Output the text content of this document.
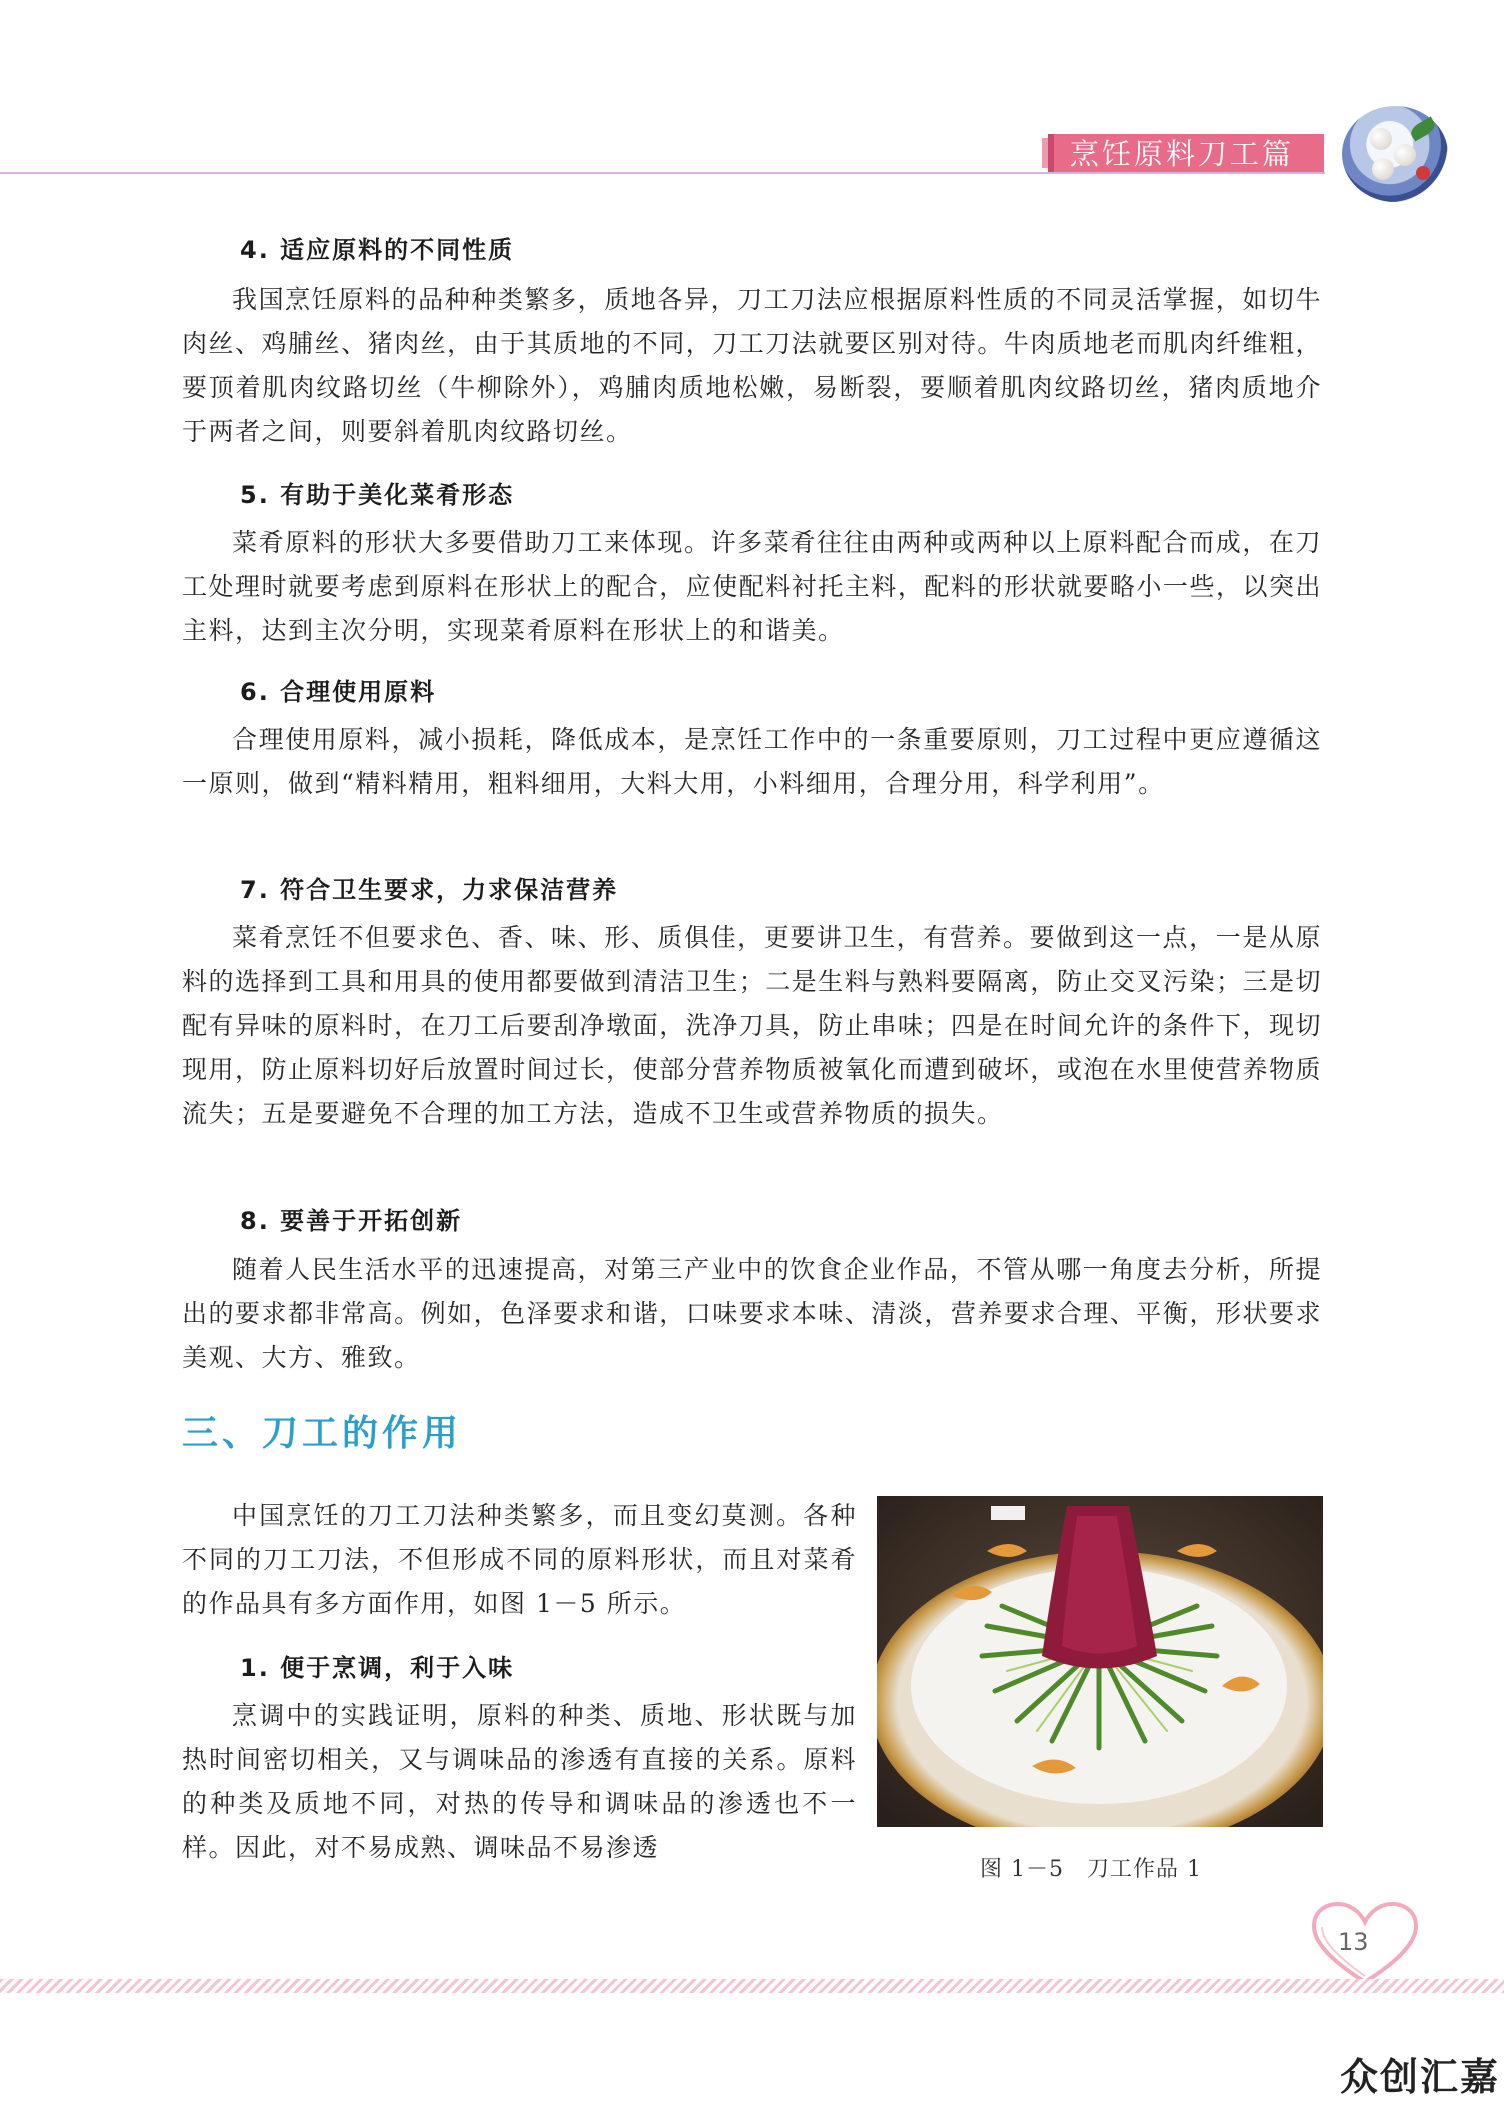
烹饪原料刀工篇
4. 适应原料的不同性质
我国烹饪原料的品种种类繁多，质地各异，刀工刀法应根据原料性质的不同灵活掌握，如切牛肉丝、鸡脯丝、猪肉丝，由于其质地的不同，刀工刀法就要区别对待。牛肉质地老而肌肉纤维粗，要顶着肌肉纹路切丝（牛柳除外），鸡脯肉质地松嫩，易断裂，要顺着肌肉纹路切丝，猪肉质地介于两者之间，则要斜着肌肉纹路切丝。
5. 有助于美化菜肴形态
菜肴原料的形状大多要借助刀工来体现。许多菜肴往往由两种或两种以上原料配合而成，在刀工处理时就要考虑到原料在形状上的配合，应使配料衬托主料，配料的形状就要略小一些，以突出主料，达到主次分明，实现菜肴原料在形状上的和谐美。
6. 合理使用原料
合理使用原料，减小损耗，降低成本，是烹饪工作中的一条重要原则，刀工过程中更应遵循这一原则，做到“精料精用，粗料细用，大料大用，小料细用，合理分用，科学利用”。
7. 符合卫生要求，力求保洁营养
菜肴烹饪不但要求色、香、味、形、质俱佳，更要讲卫生，有营养。要做到这一点，一是从原料的选择到工具和用具的使用都要做到清洁卫生；二是生料与熟料要隔离，防止交叉污染；三是切配有异味的原料时，在刀工后要刮净墩面，洗净刀具，防止串味；四是在时间允许的条件下，现切现用，防止原料切好后放置时间过长，使部分营养物质被氧化而遭到破坏，或泡在水里使营养物质流失；五是要避免不合理的加工方法，造成不卫生或营养物质的损失。
8. 要善于开拓创新
随着人民生活水平的迅速提高，对第三产业中的饮食企业作品，不管从哪一角度去分析，所提出的要求都非常高。例如，色泽要求和谐，口味要求本味、清淡，营养要求合理、平衡，形状要求美观、大方、雅致。
三、刀工的作用
中国烹饪的刀工刀法种类繁多，而且变幻莫测。各种不同的刀工刀法，不但形成不同的原料形状，而且对菜肴的作品具有多方面作用，如图 1－5 所示。
1. 便于烹调，利于入味
烹调中的实践证明，原料的种类、质地、形状既与加热时间密切相关，又与调味品的渗透有直接的关系。原料的种类及质地不同，对热的传导和调味品的渗透也不一样。因此，对不易成熟、调味品不易渗透
图 1－5　刀工作品 1
13
众创汇嘉
